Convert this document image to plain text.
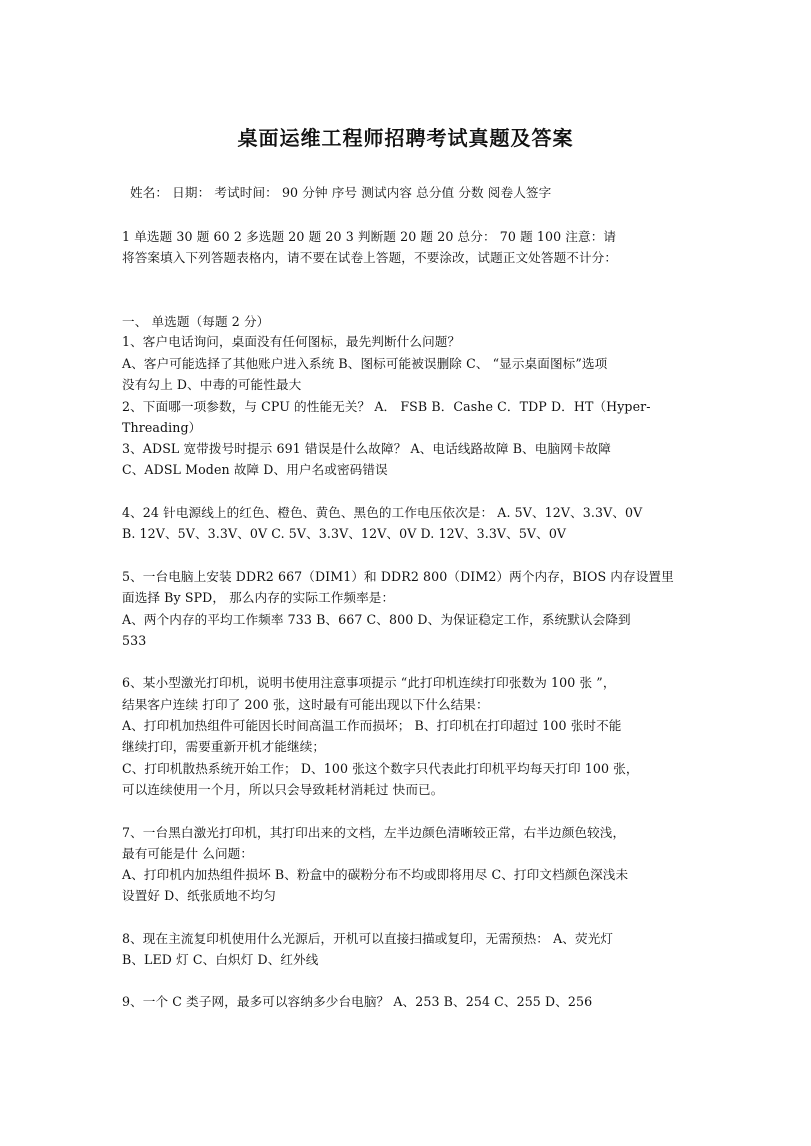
桌面运维工程师招聘考试真题及答案
姓名： 日期： 考试时间： 90 分钟 序号 测试内容 总分值 分数 阅卷人签字
1 单选题 30 题 60 2 多选题 20 题 20 3 判断题 20 题 20 总分： 70 题 100 注意：请
将答案填入下列答题表格内，请不要在试卷上答题，不要涂改，试题正文处答题不计分：
一、 单选题（每题 2 分）
1、客户电话询问，桌面没有任何图标，最先判断什么问题？
A、客户可能选择了其他账户进入系统 B、图标可能被误删除 C、 “显示桌面图标”选项
没有勾上 D、中毒的可能性最大
2、下面哪一项参数，与 CPU 的性能无关？ A． FSB B．Cashe C．TDP D．HT（Hyper-
Threading）
3、ADSL 宽带拨号时提示 691 错误是什么故障？ A、电话线路故障 B、电脑网卡故障
C、ADSL Moden 故障 D、用户名或密码错误
4、24 针电源线上的红色、橙色、黄色、黑色的工作电压依次是： A. 5V、12V、3.3V、0V
B. 12V、5V、3.3V、0V C. 5V、3.3V、12V、0V D. 12V、3.3V、5V、0V
5、一台电脑上安装 DDR2 667（DIM1）和 DDR2 800（DIM2）两个内存，BIOS 内存设置里
面选择 By SPD， 那么内存的实际工作频率是：
A、两个内存的平均工作频率 733 B、667 C、800 D、为保证稳定工作，系统默认会降到
533
6、某小型激光打印机，说明书使用注意事项提示 “此打印机连续打印张数为 100 张 ”，
结果客户连续 打印了 200 张，这时最有可能出现以下什么结果：
A、打印机加热组件可能因长时间高温工作而损坏； B、打印机在打印超过 100 张时不能
继续打印，需要重新开机才能继续；
C、打印机散热系统开始工作； D、100 张这个数字只代表此打印机平均每天打印 100 张，
可以连续使用一个月，所以只会导致耗材消耗过 快而已。
7、一台黑白激光打印机，其打印出来的文档，左半边颜色清晰较正常，右半边颜色较浅，
最有可能是什 么问题：
A、打印机内加热组件损坏 B、粉盒中的碳粉分布不均或即将用尽 C、打印文档颜色深浅未
设置好 D、纸张质地不均匀
8、现在主流复印机使用什么光源后，开机可以直接扫描或复印，无需预热： A、荧光灯
B、LED 灯 C、白炽灯 D、红外线
9、一个 C 类子网，最多可以容纳多少台电脑？ A、253 B、254 C、255 D、256
